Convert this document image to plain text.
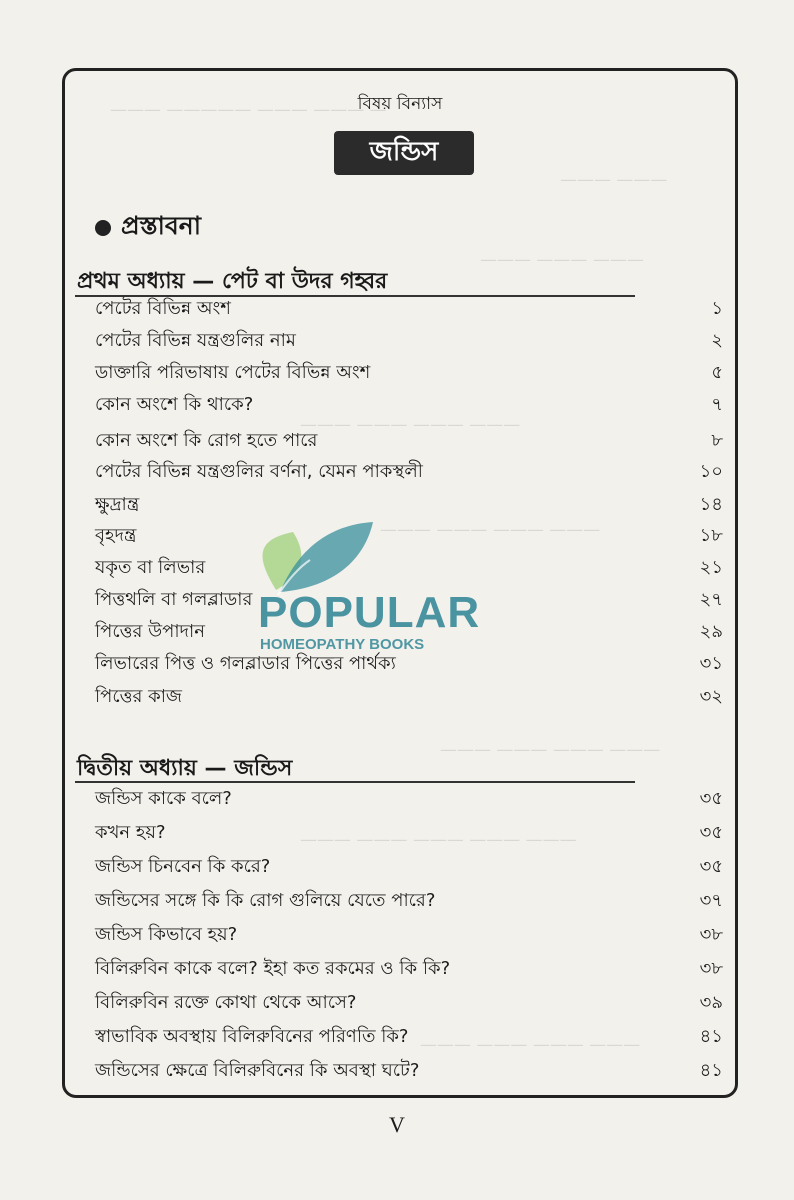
— ——— ——— ————— ———
——— ———
——— ——— ———
——— ——— ——— ———
——— ——— ——— ———
——— ——— ——— ———
——— ——— ——— ——— ———
——— ——— ——— ———
বিষয় বিন্যাস
জন্ডিস
প্রস্তাবনা
প্রথম অধ্যায় — পেট বা উদর গহ্বর
পেটের বিভিন্ন অংশ	১
পেটের বিভিন্ন যন্ত্রগুলির নাম	২
ডাক্তারি পরিভাষায় পেটের বিভিন্ন অংশ	৫
কোন অংশে কি থাকে?	৭
কোন অংশে কি রোগ হতে পারে	৮
পেটের বিভিন্ন যন্ত্রগুলির বর্ণনা, যেমন পাকস্থলী	১০
ক্ষুদ্রান্ত্র	১৪
বৃহদন্ত্র	১৮
যকৃত বা লিভার	২১
পিত্তথলি বা গলব্লাডার	২৭
পিত্তের উপাদান	২৯
লিভারের পিত্ত ও গলব্লাডার পিত্তের পার্থক্য	৩১
পিত্তের কাজ	৩২
দ্বিতীয় অধ্যায় — জন্ডিস
জন্ডিস কাকে বলে?	৩৫
কখন হয়?	৩৫
জন্ডিস চিনবেন কি করে?	৩৫
জন্ডিসের সঙ্গে কি কি রোগ গুলিয়ে যেতে পারে?	৩৭
জন্ডিস কিভাবে হয়?	৩৮
বিলিরুবিন কাকে বলে? ইহা কত রকমের ও কি কি?	৩৮
বিলিরুবিন রক্তে কোথা থেকে আসে?	৩৯
স্বাভাবিক অবস্থায় বিলিরুবিনের পরিণতি কি?	৪১
জন্ডিসের ক্ষেত্রে বিলিরুবিনের কি অবস্থা ঘটে?	৪১
POPULAR
HOMEOPATHY BOOKS
V
